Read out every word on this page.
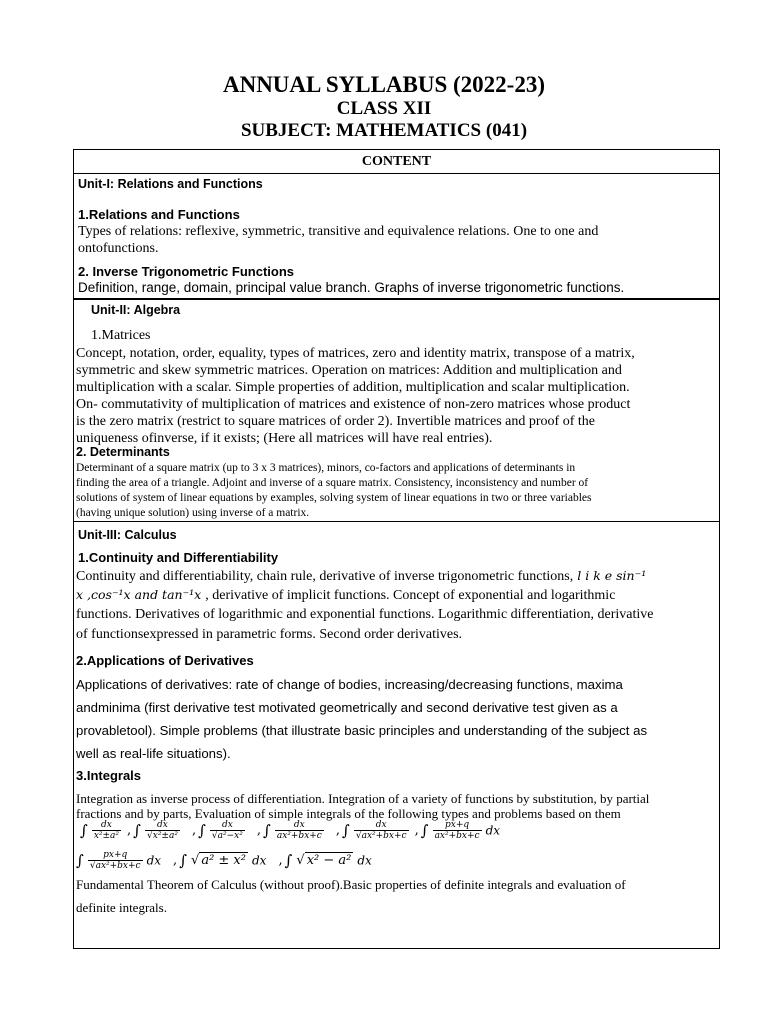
ANNUAL SYLLABUS (2022-23)
CLASS XII
SUBJECT: MATHEMATICS (041)
CONTENT
Unit-I: Relations and Functions
1.Relations and Functions
Types of relations: reflexive, symmetric, transitive and equivalence relations. One to one and
ontofunctions.
2. Inverse Trigonometric Functions
Definition, range, domain, principal value branch. Graphs of inverse trigonometric functions.
Unit-II: Algebra
1.Matrices
Concept, notation, order, equality, types of matrices, zero and identity matrix, transpose of a matrix,
symmetric and skew symmetric matrices. Operation on matrices: Addition and multiplication and
multiplication with a scalar. Simple properties of addition, multiplication and scalar multiplication.
On- commutativity of multiplication of matrices and existence of non-zero matrices whose product
is the zero matrix (restrict to square matrices of order 2). Invertible matrices and proof of the
uniqueness ofinverse, if it exists; (Here all matrices will have real entries).
2. Determinants
Determinant of a square matrix (up to 3 x 3 matrices), minors, co-factors and applications of determinants in
finding the area of a triangle. Adjoint and inverse of a square matrix. Consistency, inconsistency and number of
solutions of system of linear equations by examples, solving system of linear equations in two or three variables
(having unique solution) using inverse of a matrix.
Unit-III: Calculus
1.Continuity and Differentiability
Continuity and differentiability, chain rule, derivative of inverse trigonometric functions, l i k e sin⁻¹
x ,cos⁻¹x and tan⁻¹x , derivative of implicit functions. Concept of exponential and logarithmic
functions. Derivatives of logarithmic and exponential functions. Logarithmic differentiation, derivative
of functionsexpressed in parametric forms. Second order derivatives.
2.Applications of Derivatives
Applications of derivatives: rate of change of bodies, increasing/decreasing functions, maxima
andminima (first derivative test motivated geometrically and second derivative test given as a
provabletool). Simple problems (that illustrate basic principles and understanding of the subject as
well as real-life situations).
3.Integrals
Integration as inverse process of differentiation. Integration of a variety of functions by substitution, by partial
fractions and by parts, Evaluation of simple integrals of the following types and problems based on them
∫ $\frac{dx}{\text{x²±a²}}$ , ∫ $\frac{dx}{\text{√x²±a²}}$ , ∫ $\frac{dx}{\text{√a²−x²}}$ , ∫ $\frac{dx}{\text{ax²+bx+c}}$ , ∫ $\frac{dx}{\text{√ax²+bx+c}}$ , ∫ $\frac{px+q}{\text{ax²+bx+c}}$ dx
∫ $\frac{px+q}{\text{√ax²+bx+c}}$ dx , ∫ √ a² ± x² dx , ∫ √ x² − a² dx
Fundamental Theorem of Calculus (without proof).Basic properties of definite integrals and evaluation of
definite integrals.
